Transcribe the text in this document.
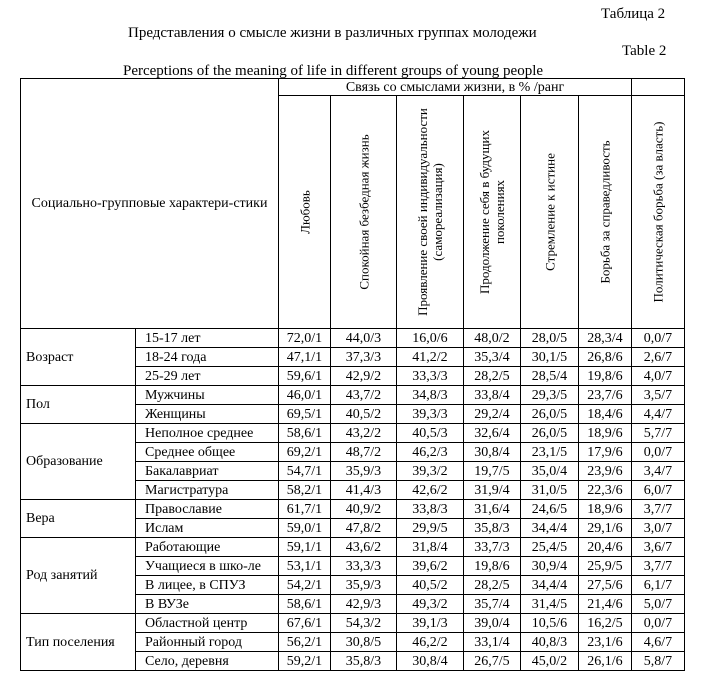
Таблица 2
Представления о смысле жизни в различных группах молодежи
Table 2
Perceptions of the meaning of life in different groups of young people
Социально-групповые характери-стики		Связь со смыслами жизни, в % /ранг						

		Любовь	Спокойная безбедная жизнь	Проявление своей индивидуальности (самореализация)	Продолжение себя в будущих поколениях	Стремление к истине	Борьба за справедливость	Политическая борьба (за власть)

Возраст	15-17 лет	72,0/1	44,0/3	16,0/6	48,0/2	28,0/5	28,3/4	0,0/7
	18-24 года	47,1/1	37,3/3	41,2/2	35,3/4	30,1/5	26,8/6	2,6/7
	25-29 лет	59,6/1	42,9/2	33,3/3	28,2/5	28,5/4	19,8/6	4,0/7
Пол	Мужчины	46,0/1	43,7/2	34,8/3	33,8/4	29,3/5	23,7/6	3,5/7
	Женщины	69,5/1	40,5/2	39,3/3	29,2/4	26,0/5	18,4/6	4,4/7
Образование	Неполное среднее	58,6/1	43,2/2	40,5/3	32,6/4	26,0/5	18,9/6	5,7/7
	Среднее общее	69,2/1	48,7/2	46,2/3	30,8/4	23,1/5	17,9/6	0,0/7
	Бакалавриат	54,7/1	35,9/3	39,3/2	19,7/5	35,0/4	23,9/6	3,4/7
	Магистратура	58,2/1	41,4/3	42,6/2	31,9/4	31,0/5	22,3/6	6,0/7
Вера	Православие	61,7/1	40,9/2	33,8/3	31,6/4	24,6/5	18,9/6	3,7/7
	Ислам	59,0/1	47,8/2	29,9/5	35,8/3	34,4/4	29,1/6	3,0/7
Род занятий	Работающие	59,1/1	43,6/2	31,8/4	33,7/3	25,4/5	20,4/6	3,6/7
	Учащиеся в шко-ле	53,1/1	33,3/3	39,6/2	19,8/6	30,9/4	25,9/5	3,7/7
	В лицее, в СПУЗ	54,2/1	35,9/3	40,5/2	28,2/5	34,4/4	27,5/6	6,1/7
	В ВУЗе	58,6/1	42,9/3	49,3/2	35,7/4	31,4/5	21,4/6	5,0/7
Тип поселения	Областной центр	67,6/1	54,3/2	39,1/3	39,0/4	10,5/6	16,2/5	0,0/7
	Районный город	56,2/1	30,8/5	46,2/2	33,1/4	40,8/3	23,1/6	4,6/7
	Село, деревня	59,2/1	35,8/3	30,8/4	26,7/5	45,0/2	26,1/6	5,8/7
